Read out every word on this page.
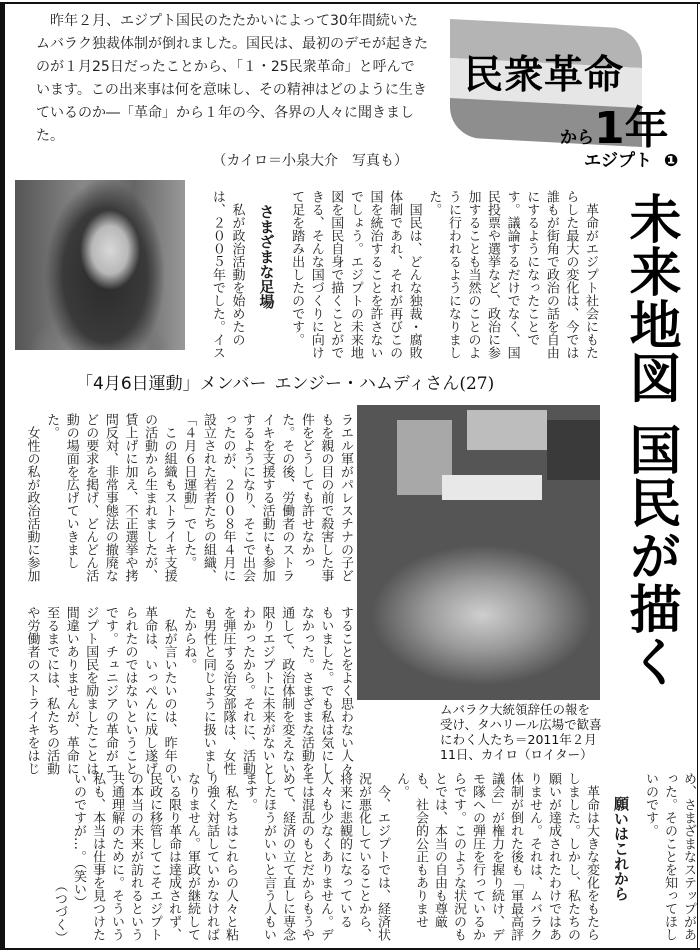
昨年２月、エジプト国民のたたかいによって30年間続いたムバラク独裁体制が倒れました。国民は、最初のデモが起きたのが１月25日だったことから、「１・25民衆革命」と呼んでいます。この出来事は何を意味し、その精神はどのように生きているのか―「革命」から１年の今、各界の人々に聞きました。

（カイロ＝小泉大介　写真も）

民衆革命
から1年
エジプト ❶
未来地図 国民が描く

革命がエジプト社会にもたらした最大の変化は、今では誰もが街角で政治の話を自由にするようになったことです。議論するだけでなく、国民投票や選挙など、政治に参加することも当然のことのように行われるようになりました。

国民は、どんな独裁・腐敗体制であれ、それが再びこの国を統治することを許さないでしょう。エジプトの未来地図を国民自身で描くことができる、そんな国づくりに向けて足を踏み出したのです。

さまざまな足場

私が政治活動を始めたのは、２００５年でした。イス

「4月6日運動」メンバー エンジー・ハムディさん(27)

ラエル軍がパレスチナの子どもを親の目の前で殺害した事件をどうしても許せなかった。その後、労働者のストライキを支援する活動にも参加するようになり、そこで出会ったのが、２００８年４月に設立された若者たちの組織、「４月６日運動」でした。

この組織もストライキ支援の活動から生まれましたが、賃上げに加え、不正選挙や拷問反対、非常事態法の撤廃などの要求を掲げ、どんどん活動の場面を広げていきました。

女性の私が政治活動に参加

ムバラク大統領辞任の報を受け、タハリール広場で歓喜にわく人たち＝2011年２月11日、カイロ（ロイター）

することをよく思わない人々もいました。でも私は気にしなかった。さまざまな活動を通して、政治体制を変えない限りエジプトに未来がないとわかったから。それに、活動を弾圧する治安部隊は、女性も男性と同じように扱いましたからね。

私が言いたいのは、昨年の革命は、いっぺんに成し遂げられたのではないということです。チュニジアの革命がエジプト国民を励ましたことは間違いありませんが、革命に至るまでには、私たちの活動や労働者のストライキをはじ

め、さまざまなステップがあった。そのことを知ってほしいのです。

願いはこれから

革命は大きな変化をもたらしました。しかし、私たちの願いが達成されたわけではありません。それは、ムバラク体制が倒れた後も「軍最高評議会」が権力を握り続け、デモ隊への弾圧を行っているからです。このような状況のもとでは、本当の自由も尊厳も、社会的公正もありません。

今、エジプトでは、経済状況が悪化していることから、将来に悲観的になっている人々も少なくありません。デモは混乱のもとだからもうやめて、経済の立て直しに専念したほうがいいと言う人もいます。

私たちはこれらの人々と粘り強く対話していかなければなりません。軍政が継続している限り革命は達成されず、民政に移管してこそエジプトの本当の未来が訪れるという共通理解のために。そういう私も、本当は仕事を見つけたいのですが…。（笑い）

（つづく）
